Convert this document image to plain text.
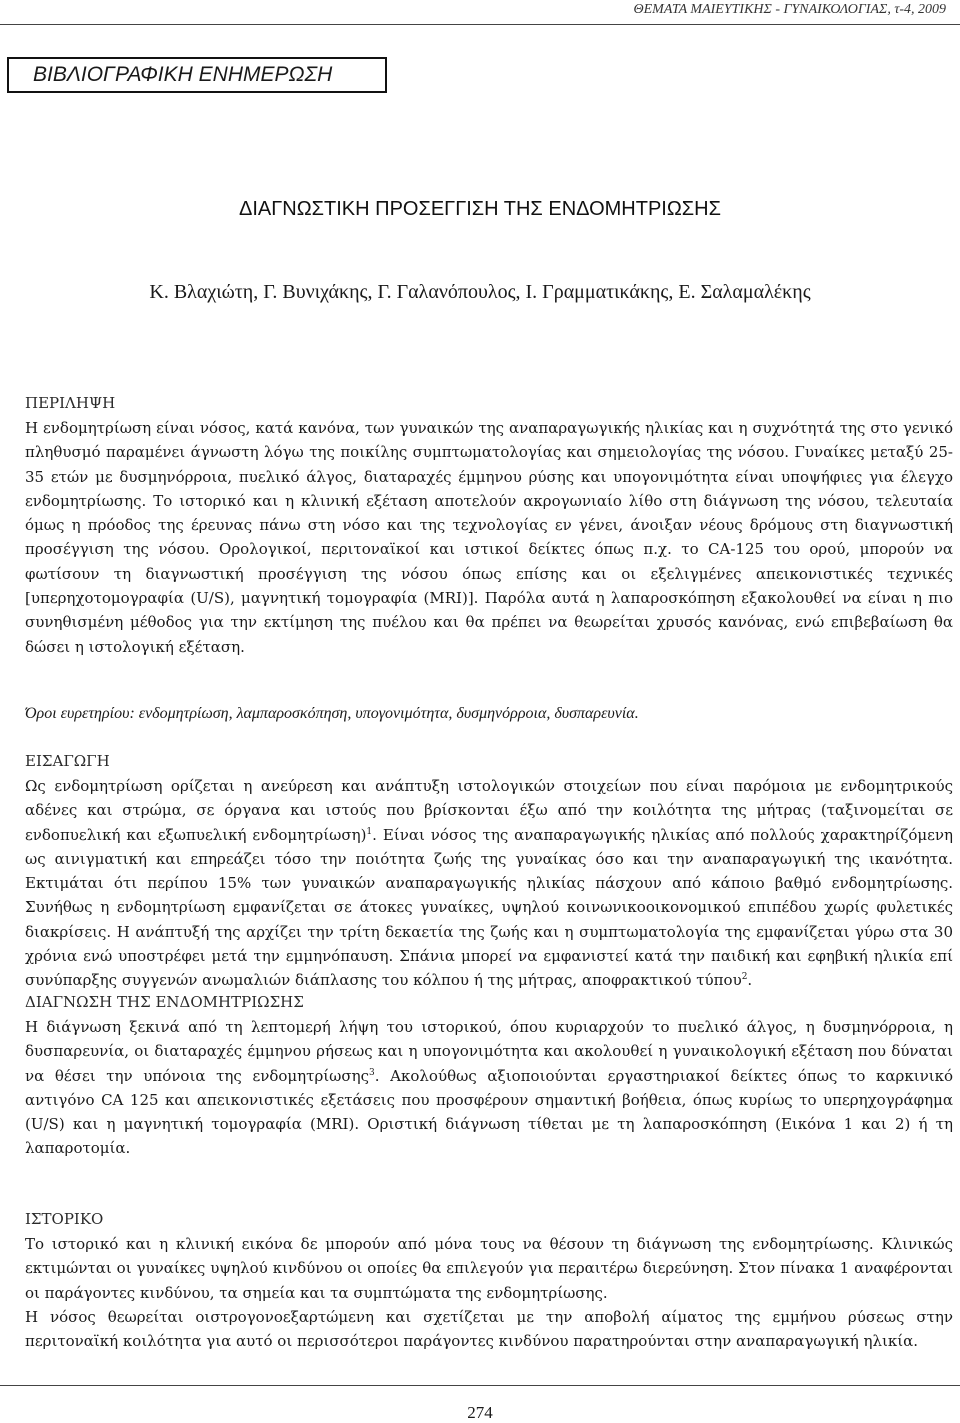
ΘΕΜΑΤΑ ΜΑΙΕΥΤΙΚΗΣ - ΓΥΝΑΙΚΟΛΟΓΙΑΣ, τ-4, 2009
ΒΙΒΛΙΟΓΡΑΦΙΚΗ ΕΝΗΜΕΡΩΣΗ
ΔΙΑΓΝΩΣΤΙΚΗ ΠΡΟΣΕΓΓΙΣΗ ΤΗΣ ΕΝΔΟΜΗΤΡΙΩΣΗΣ
Κ. Βλαχιώτη, Γ. Βυνιχάκης, Γ. Γαλανόπουλος, Ι. Γραμματικάκης, Ε. Σαλαμαλέκης
ΠΕΡΙΛΗΨΗ

Η ενδομητρίωση είναι νόσος, κατά κανόνα, των γυναικών της αναπαραγωγικής ηλικίας και η συχνότητά της στο γενικό πληθυσμό παραμένει άγνωστη λόγω της ποικίλης συμπτωματολογίας και σημειολογίας της νόσου. Γυναίκες μεταξύ 25-35 ετών με δυσμηνόρροια, πυελικό άλγος, διαταραχές έμμηνου ρύσης και υπογονιμότητα είναι υποψήφιες για έλεγχο ενδομητρίωσης. Το ιστορικό και η κλινική εξέταση αποτελούν ακρογωνιαίο λίθο στη διάγνωση της νόσου, τελευταία όμως η πρόοδος της έρευνας πάνω στη νόσο και της τεχνολογίας εν γένει, άνοιξαν νέους δρόμους στη διαγνωστική προσέγγιση της νόσου. Ορολογικοί, περιτοναϊκοί και ιστικοί δείκτες όπως π.χ. το CA-125 του ορού, μπορούν να φωτίσουν τη διαγνωστική προσέγγιση της νόσου όπως επίσης και οι εξελιγμένες απεικονιστικές τεχνικές [υπερηχοτομογραφία (U/S), μαγνητική τομογραφία (MRI)]. Παρόλα αυτά η λαπαροσκόπηση εξακολουθεί να είναι η πιο συνηθισμένη μέθοδος για την εκτίμηση της πυέλου και θα πρέπει να θεωρείται χρυσός κανόνας, ενώ επιβεβαίωση θα δώσει η ιστολογική εξέταση.

Όροι ευρετηρίου: ενδομητρίωση, λαμπαροσκόπηση, υπογονιμότητα, δυσμηνόρροια, δυσπαρευνία.
ΕΙΣΑΓΩΓΗ

Ως ενδομητρίωση ορίζεται η ανεύρεση και ανάπτυξη ιστολογικών στοιχείων που είναι παρόμοια με ενδομητρικούς αδένες και στρώμα, σε όργανα και ιστούς που βρίσκονται έξω από την κοιλότητα της μήτρας (ταξινομείται σε ενδοπυελική και εξωπυελική ενδομητρίωση)$^1$. Είναι νόσος της αναπαραγωγικής ηλικίας από πολλούς χαρακτηρίζόμενη ως αινιγματική και επηρεάζει τόσο την ποιότητα ζωής της γυναίκας όσο και την αναπαραγωγική της ικανότητα. Εκτιμάται ότι περίπου 15% των γυναικών αναπαραγωγικής ηλικίας πάσχουν από κάποιο βαθμό ενδομητρίωσης. Συνήθως η ενδομητρίωση εμφανίζεται σε άτοκες γυναίκες, υψηλού κοινωνικοοικονομικού επιπέδου χωρίς φυλετικές διακρίσεις. Η ανάπτυξή της αρχίζει την τρίτη δεκαετία της ζωής και η συμπτωματολογία της εμφανίζεται γύρω στα 30 χρόνια ενώ υποστρέφει μετά την εμμηνόπαυση. Σπάνια μπορεί να εμφανιστεί κατά την παιδική και εφηβική ηλικία επί συνύπαρξης συγγενών ανωμαλιών διάπλασης του κόλπου ή της μήτρας, αποφρακτικού τύπου$^2$.

ΔΙΑΓΝΩΣΗ ΤΗΣ ΕΝΔΟΜΗΤΡΙΩΣΗΣ

Η διάγνωση ξεκινά από τη λεπτομερή λήψη του ιστορικού, όπου κυριαρχούν το πυελικό άλγος, η δυσμηνόρροια, η δυσπαρευνία, οι διαταραχές έμμηνου ρήσεως και η υπογονιμότητα και ακολουθεί η γυναικολογική εξέταση που δύναται να θέσει την υπόνοια της ενδομητρίωσης$^3$. Ακολούθως αξιοποιούνται εργαστηριακοί δείκτες όπως το καρκινικό αντιγόνο CA 125 και απεικονιστικές εξετάσεις που προσφέρουν σημαντική βοήθεια, όπως κυρίως το υπερηχογράφημα (U/S) και η μαγνητική τομογραφία (MRI). Οριστική διάγνωση τίθεται με τη λαπαροσκόπηση (Εικόνα 1 και 2) ή τη λαπαροτομία.

ΙΣΤΟΡΙΚΟ

Το ιστορικό και η κλινική εικόνα δε μπορούν από μόνα τους να θέσουν τη διάγνωση της ενδομητρίωσης. Κλινικώς εκτιμώνται οι γυναίκες υψηλού κινδύνου οι οποίες θα επιλεγούν για περαιτέρω διερεύνηση. Στον πίνακα 1 αναφέρονται οι παράγοντες κινδύνου, τα σημεία και τα συμπτώματα της ενδομητρίωσης.

Η νόσος θεωρείται οιστρογονοεξαρτώμενη και σχετίζεται με την αποβολή αίματος της εμμήνου ρύσεως στην περιτοναϊκή κοιλότητα για αυτό οι περισσότεροι παράγοντες κινδύνου παρατηρούνται στην αναπαραγωγική ηλικία.

274
